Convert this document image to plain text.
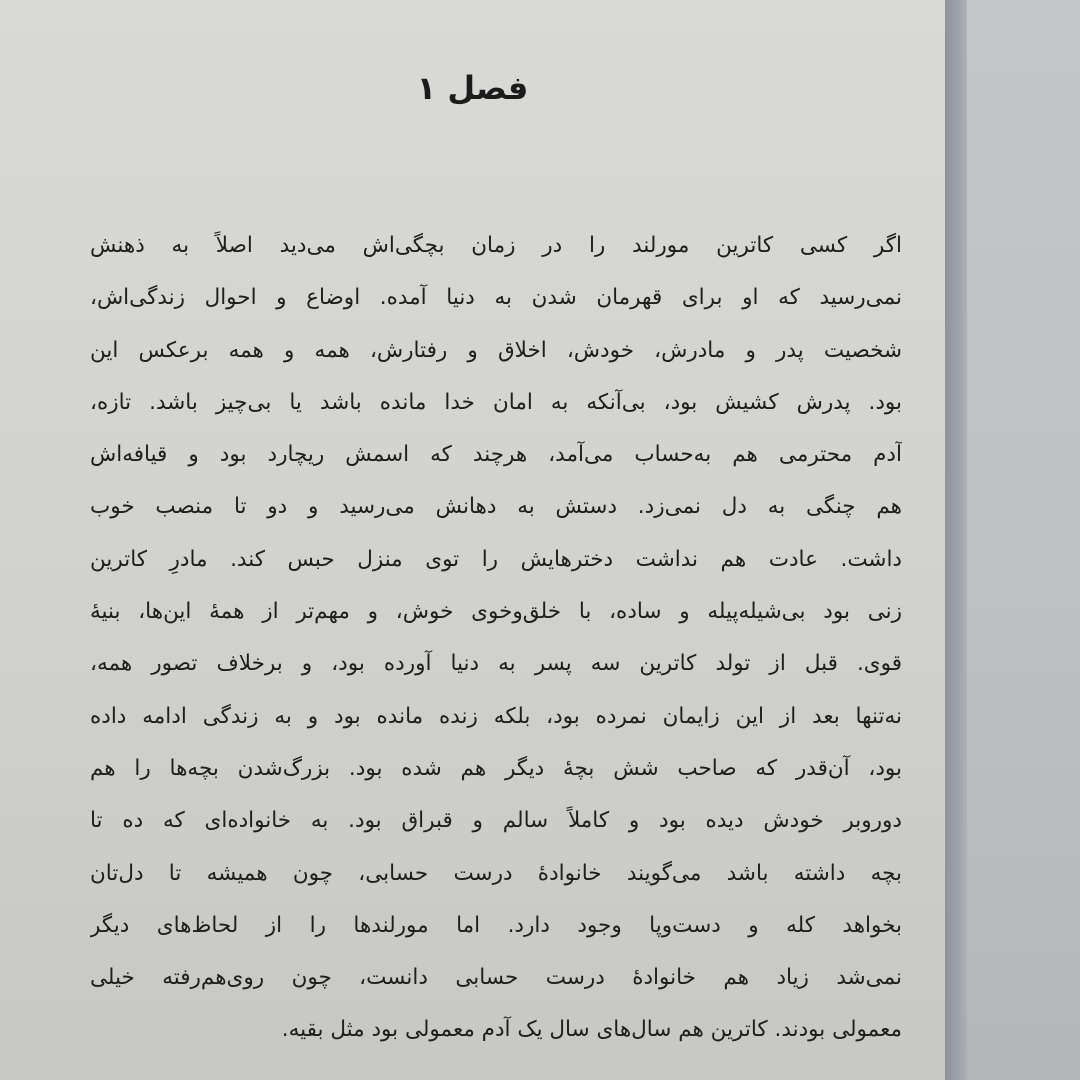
فصل ۱
اگر کسی کاترین مورلند را در زمان بچگی‌اش می‌دید اصلاً به ذهنش
نمی‌رسید که او برای قهرمان شدن به دنیا آمده. اوضاع و احوال زندگی‌اش،
شخصیت پدر و مادرش، خودش، اخلاق و رفتارش، همه و همه برعکس این
بود. پدرش کشیش بود، بی‌آنکه به امان خدا مانده باشد یا بی‌چیز باشد. تازه،
آدم محترمی هم به‌حساب می‌آمد، هرچند که اسمش ریچارد بود و قیافه‌اش
هم چنگی به دل نمی‌زد. دستش به دهانش می‌رسید و دو تا منصب خوب
داشت. عادت هم نداشت دخترهایش را توی منزل حبس کند. مادرِ کاترین
زنی بود بی‌شیله‌پیله و ساده، با خلق‌وخوی خوش، و مهم‌تر از همهٔ این‌ها، بنیهٔ
قوی. قبل از تولد کاترین سه پسر به دنیا آورده بود، و برخلاف تصور همه،
نه‌تنها بعد از این زایمان نمرده بود، بلکه زنده مانده بود و به زندگی ادامه داده
بود، آن‌قدر که صاحب شش بچهٔ دیگر هم شده بود. بزرگ‌شدن بچه‌ها را هم
دوروبر خودش دیده بود و کاملاً سالم و قبراق بود. به خانواده‌ای که ده تا
بچه داشته باشد می‌گویند خانوادهٔ درست حسابی، چون همیشه تا دل‌تان
بخواهد کله و دست‌وپا وجود دارد. اما مورلندها را از لحاظ‌های دیگر
نمی‌شد زیاد هم خانوادهٔ درست حسابی دانست، چون روی‌هم‌رفته خیلی
معمولی بودند. کاترین هم سال‌های سال یک آدم معمولی بود مثل بقیه.
